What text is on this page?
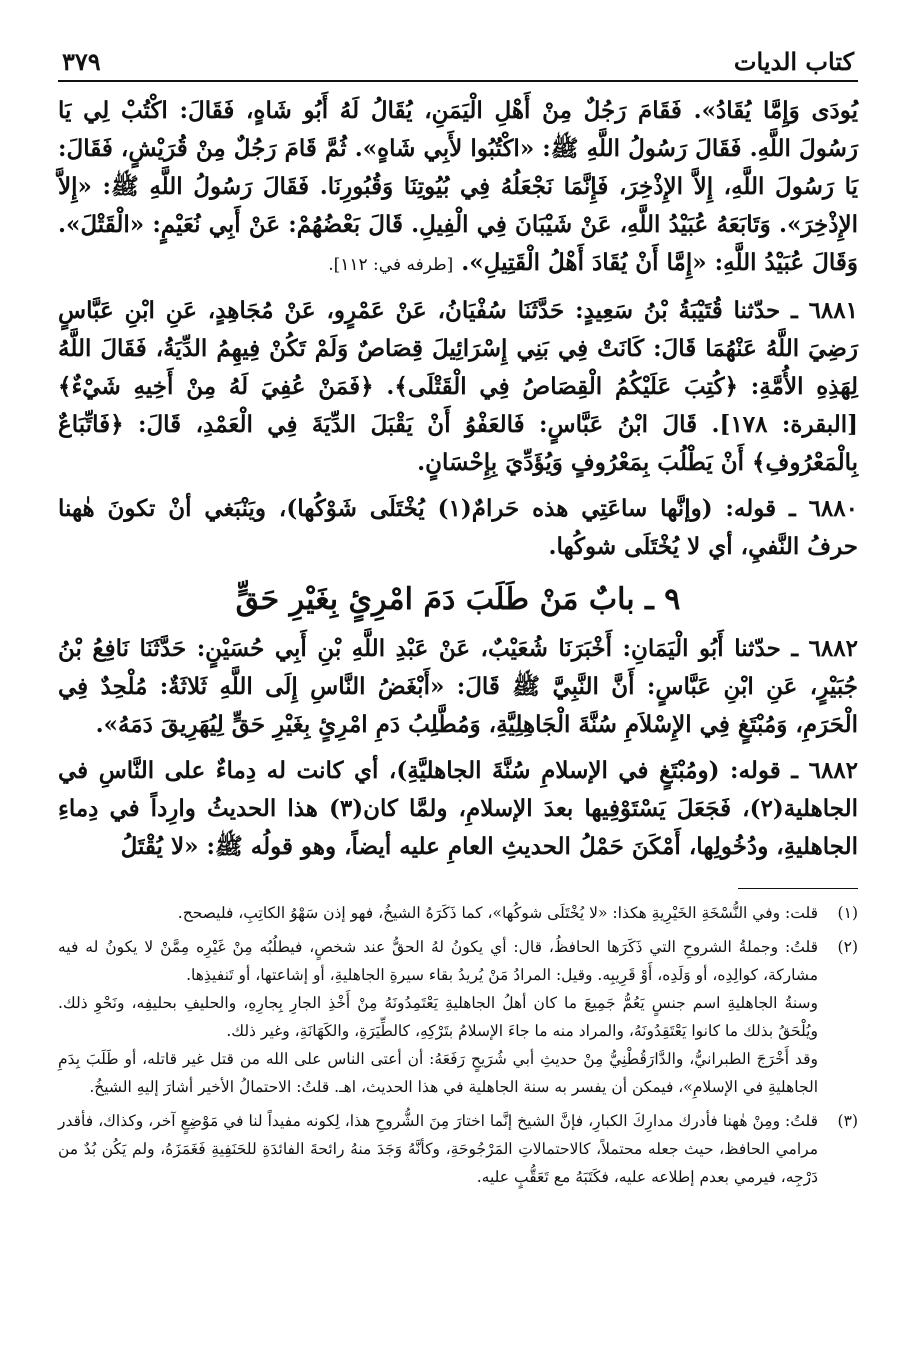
كتاب الديات
٣٧٩

يُودَى وَإِمَّا يُقَادُ». فَقَامَ رَجُلٌ مِنْ أَهْلِ الْيَمَنِ، يُقَالُ لَهُ أَبُو شَاهٍ، فَقَالَ: اكْتُبْ لِي يَا رَسُولَ اللَّهِ. فَقَالَ رَسُولُ اللَّهِ ﷺ: «اكْتُبُوا لأَبِي شَاهٍ». ثُمَّ قَامَ رَجُلٌ مِنْ قُرَيْشٍ، فَقَالَ: يَا رَسُولَ اللَّهِ، إِلاَّ الإِذْخِرَ، فَإِنَّمَا نَجْعَلُهُ فِي بُيُوتِنَا وَقُبُورِنَا. فَقَالَ رَسُولُ اللَّهِ ﷺ: «إِلاَّ الإِذْخِرَ». وَتَابَعَهُ عُبَيْدُ اللَّهِ، عَنْ شَيْبَانَ فِي الْفِيلِ. قَالَ بَعْضُهُمْ: عَنْ أَبِي نُعَيْمٍ: «الْقَتْلَ». وَقَالَ عُبَيْدُ اللَّهِ: «إِمَّا أَنْ يُقَادَ أَهْلُ الْقَتِيلِ». [طرفه في: ١١٢].

٦٨٨١ ـ حدّثنا قُتَيْبَةُ بْنُ سَعِيدٍ: حَدَّثَنَا سُفْيَانُ، عَنْ عَمْرٍو، عَنْ مُجَاهِدٍ، عَنِ ابْنِ عَبَّاسٍ رَضِيَ اللَّهُ عَنْهُمَا قَالَ: كَانَتْ فِي بَنِي إِسْرَائِيلَ قِصَاصٌ وَلَمْ تَكُنْ فِيهِمُ الدِّيَةُ، فَقَالَ اللَّهُ لِهَذِهِ الأُمَّةِ: ﴿كُتِبَ عَلَيْكُمُ الْقِصَاصُ فِي الْقَتْلَى﴾. ﴿فَمَنْ عُفِيَ لَهُ مِنْ أَخِيهِ شَيْءٌ﴾ [البقرة: ١٧٨]. قَالَ ابْنُ عَبَّاسٍ: فَالعَفْوُ أَنْ يَقْبَلَ الدِّيَةَ فِي الْعَمْدِ، قَالَ: ﴿فَاتِّبَاعٌ بِالْمَعْرُوفِ﴾ أَنْ يَطْلُبَ بِمَعْرُوفٍ وَيُؤَدِّيَ بِإِحْسَانٍ.

٦٨٨٠ ـ قوله: (وإنَّها ساعَتِي هذه حَرامٌ(١) يُخْتَلَى شَوْكُها)، ويَنْبَغي أنْ تكونَ هٰهنا حرفُ النَّفيِ، أي لا يُخْتَلَى شوكُها.

٩ ـ بابٌ مَنْ طَلَبَ دَمَ امْرِئٍ بِغَيْرِ حَقٍّ

٦٨٨٢ ـ حدّثنا أَبُو الْيَمَانِ: أَخْبَرَنَا شُعَيْبٌ، عَنْ عَبْدِ اللَّهِ بْنِ أَبِي حُسَيْنٍ: حَدَّثَنَا نَافِعُ بْنُ جُبَيْرٍ، عَنِ ابْنِ عَبَّاسٍ: أَنَّ النَّبِيَّ ﷺ قَالَ: «أَبْغَضُ النَّاسِ إِلَى اللَّهِ ثَلاثَةٌ: مُلْحِدٌ فِي الْحَرَمِ، وَمُبْتَغٍ فِي الإِسْلاَمِ سُنَّةَ الْجَاهِلِيَّةِ، وَمُطَّلِبُ دَمِ امْرِئٍ بِغَيْرِ حَقٍّ لِيُهَرِيقَ دَمَهُ».

٦٨٨٢ ـ قوله: (ومُبْتَغٍ في الإسلامِ سُنَّةَ الجاهليَّةِ)، أي كانت له دِماءٌ على النَّاسِ في الجاهلية(٢)، فَجَعَلَ يَسْتَوْفِيها بعدَ الإسلامِ، ولمَّا كان(٣) هذا الحديثُ وارِداً في دِماءِ الجاهليةِ، ودُخُولِها، أَمْكَنَ حَمْلُ الحديثِ العامِ عليه أيضاً، وهو قولُه ﷺ: «لا يُقْتَلُ

(١)

قلت: وفي النُّسْخَةِ الخَيْرِيةِ هكذا: «لا يُخْتَلَى شوكُها»، كما ذَكَرَهُ الشيخُ، فهو إذن سَهْوُ الكاتِبِ، فليصحح.

(٢)

قلتُ: وجملةُ الشروحِ التي ذَكَرَها الحافظُ، قال: أي يكونُ لهُ الحقُّ عند شخصٍ، فيطلُبُه مِنْ غَيْرِه مِمَّنْ لا يكونُ له فيه مشاركة، كوالِدِه، أو وَلَدِه، أَوْ قَرِيبِه. وقيل: المرادُ مَنْ يُريدُ بقاء سيرةِ الجاهليةِ، أو إشاعتها، أو تَنفيذِها.

وسنةُ الجاهليةِ اسم جنسٍ يَعُمُّ جَمِيعَ ما كان أهلُ الجاهليةِ يَعْتَمِدُونَهُ مِنْ أَخْذِ الجارِ بِجارِهِ، والحليفِ بحليفِه، ونَحْوِ ذلك. ويُلْحَقُ بذلك ما كانوا يَعْتَقِدُونَهُ، والمراد منه ما جاءَ الإسلامُ بتَرْكِهِ، كالطِّيَرَةِ، والكَهَانَةِ، وغير ذلك.

وقد أَخْرَجَ الطبرانيُّ، والدَّارَقُطْنِيُّ مِنْ حديثِ أبي شُرَيحٍ رَفَعَهُ: أن أعتى الناس على الله من قتل غير قاتله، أو طَلَبَ بِدَمِ الجاهليةِ في الإسلامِ»، فيمكن أن يفسر به سنة الجاهلية في هذا الحديث، اهـ. قلتُ: الاحتمالُ الأخير أشارَ إليهِ الشيخُ.

(٣)

قلتُ: ومِنْ هٰهنا فأدرك مدارِكَ الكبارِ، فإنَّ الشيخ إنَّما اختارَ مِنَ الشُّروحِ هذا، لِكونه مفيداً لنا في مَوْضِعٍ آخر، وكذاك، فأقدر مرامي الحافظ، حيث جعله محتملاً، كالاحتمالاتِ المَرْجُوحَةِ، وكأنَّهُ وَجَدَ منهُ رائحةَ الفائدَةِ للحَنَفِيةِ فَغَمَزَهُ، ولم يَكُن بُدٌ من دَرْجِه، فيرمي بعدم إطلاعه عليه، فكَتَبَهُ مع تَعَقُّبٍ عليه.
